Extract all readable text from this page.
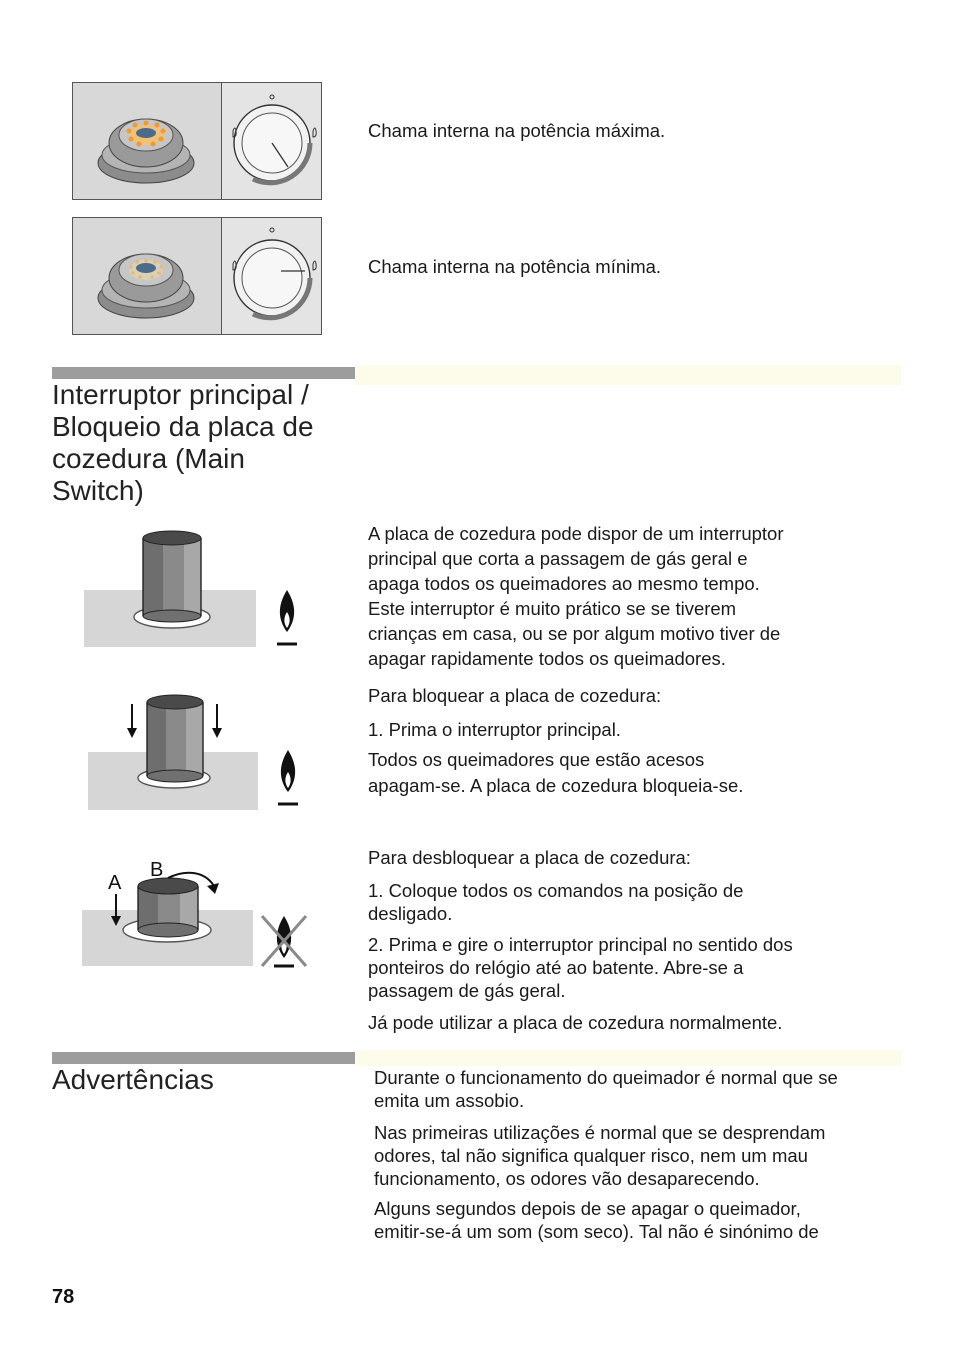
Chama interna na potência máxima.
Chama interna na potência mínima.
Interruptor principal /
Bloqueio da placa de
cozedura (Main
Switch)
A
B
A placa de cozedura pode dispor de um interruptor
principal que corta a passagem de gás geral e
apaga todos os queimadores ao mesmo tempo.
Este interruptor é muito prático se se tiverem
crianças em casa, ou se por algum motivo tiver de
apagar rapidamente todos os queimadores.
Para bloquear a placa de cozedura:
1. Prima o interruptor principal.
Todos os queimadores que estão acesos
apagam-se. A placa de cozedura bloqueia-se.
Para desbloquear a placa de cozedura:
1. Coloque todos os comandos na posição de
desligado.
2. Prima e gire o interruptor principal no sentido dos
ponteiros do relógio até ao batente. Abre-se a
passagem de gás geral.
Já pode utilizar a placa de cozedura normalmente.
Advertências	Durante o funcionamento do queimador é normal que se
emita um assobio.
Nas primeiras utilizações é normal que se desprendam
odores, tal não significa qualquer risco, nem um mau
funcionamento, os odores vão desaparecendo.
Alguns segundos depois de se apagar o queimador,
emitir-se-á um som (som seco). Tal não é sinónimo de
78
